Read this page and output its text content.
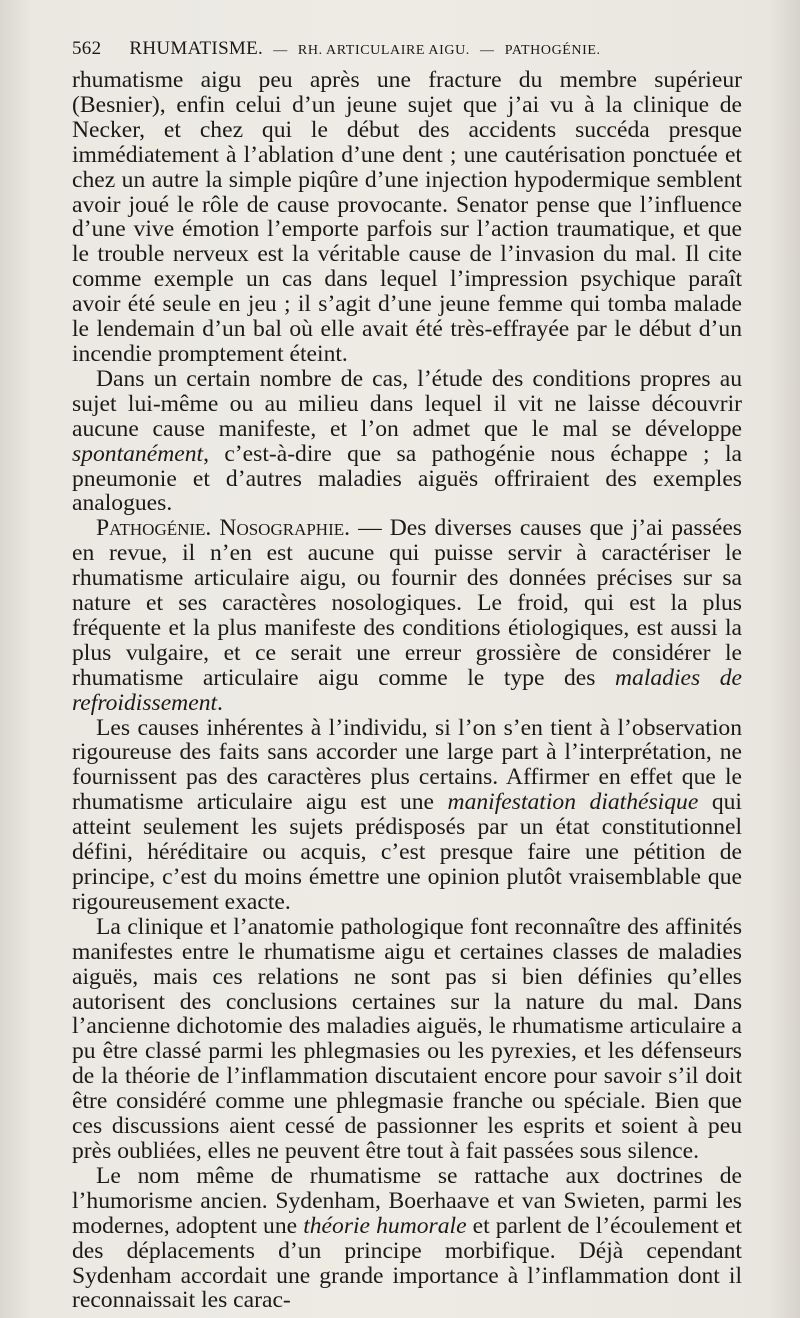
562 RHUMATISME.
—
RH. ARTICULAIRE AIGU.
—
PATHOGÉNIE.

rhumatisme aigu peu après une fracture du membre supérieur (Besnier), enfin celui d’un jeune sujet que j’ai vu à la clinique de Necker, et chez qui le début des accidents succéda presque immédiatement à l’ablation d’une dent ; une cautérisation ponctuée et chez un autre la simple piqûre d’une injection hypodermique semblent avoir joué le rôle de cause provocante. Senator pense que l’influence d’une vive émotion l’emporte parfois sur l’action traumatique, et que le trouble nerveux est la véritable cause de l’invasion du mal. Il cite comme exemple un cas dans lequel l’impression psychique paraît avoir été seule en jeu ; il s’agit d’une jeune femme qui tomba malade le lendemain d’un bal où elle avait été très-effrayée par le début d’un incendie promptement éteint.

Dans un certain nombre de cas, l’étude des conditions propres au sujet lui-même ou au milieu dans lequel il vit ne laisse découvrir aucune cause manifeste, et l’on admet que le mal se développe spontanément, c’est-à-dire que sa pathogénie nous échappe ; la pneumonie et d’autres maladies aiguës offriraient des exemples analogues.

Pathogénie. Nosographie. — Des diverses causes que j’ai passées en revue, il n’en est aucune qui puisse servir à caractériser le rhumatisme articulaire aigu, ou fournir des données précises sur sa nature et ses caractères nosologiques. Le froid, qui est la plus fréquente et la plus manifeste des conditions étiologiques, est aussi la plus vulgaire, et ce serait une erreur grossière de considérer le rhumatisme articulaire aigu comme le type des maladies de refroidissement.

Les causes inhérentes à l’individu, si l’on s’en tient à l’observation rigoureuse des faits sans accorder une large part à l’interprétation, ne fournissent pas des caractères plus certains. Affirmer en effet que le rhumatisme articulaire aigu est une manifestation diathésique qui atteint seulement les sujets prédisposés par un état constitutionnel défini, héréditaire ou acquis, c’est presque faire une pétition de principe, c’est du moins émettre une opinion plutôt vraisemblable que rigoureusement exacte.

La clinique et l’anatomie pathologique font reconnaître des affinités manifestes entre le rhumatisme aigu et certaines classes de maladies aiguës, mais ces relations ne sont pas si bien définies qu’elles autorisent des conclusions certaines sur la nature du mal. Dans l’ancienne dichotomie des maladies aiguës, le rhumatisme articulaire a pu être classé parmi les phlegmasies ou les pyrexies, et les défenseurs de la théorie de l’inflammation discutaient encore pour savoir s’il doit être considéré comme une phlegmasie franche ou spéciale. Bien que ces discussions aient cessé de passionner les esprits et soient à peu près oubliées, elles ne peuvent être tout à fait passées sous silence.

Le nom même de rhumatisme se rattache aux doctrines de l’humorisme ancien. Sydenham, Boerhaave et van Swieten, parmi les modernes, adoptent une théorie humorale et parlent de l’écoulement et des déplacements d’un principe morbifique. Déjà cependant Sydenham accordait une grande importance à l’inflammation dont il reconnaissait les carac-
